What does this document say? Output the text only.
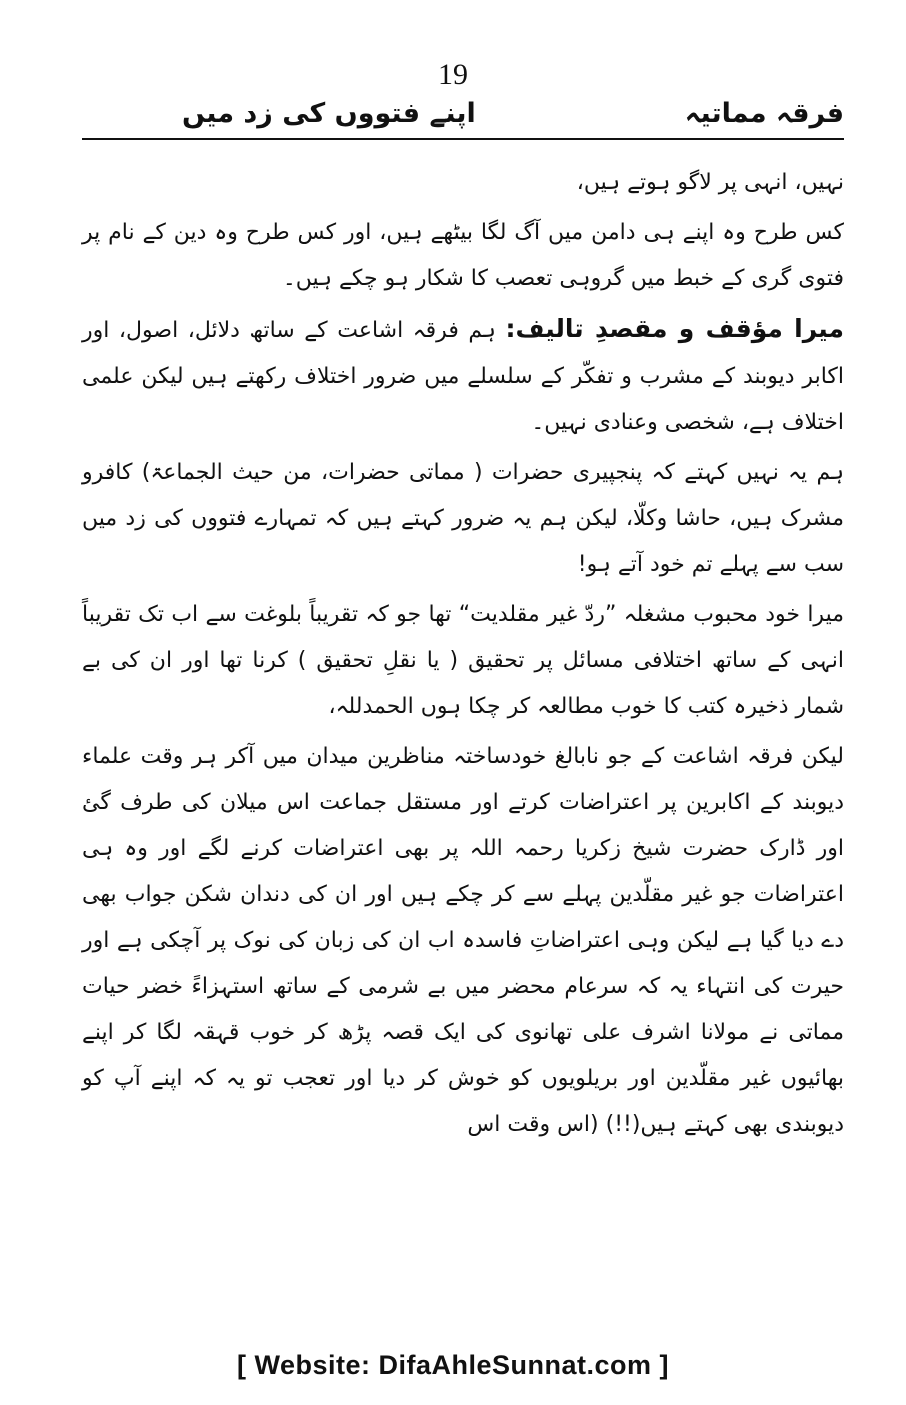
19
فرقہ مماتیہ
اپنے فتووں کی زد میں

نہیں، انہی پر لاگو ہوتے ہیں،

کس طرح وہ اپنے ہی دامن میں آگ لگا بیٹھے ہیں، اور کس طرح وہ دین کے نام پر فتوی گری کے خبط میں گروہی تعصب کا شکار ہو چکے ہیں۔

میرا مؤقف و مقصدِ تالیف: ہم فرقہ اشاعت کے ساتھ دلائل، اصول، اور اکابر دیوبند کے مشرب و تفکّر کے سلسلے میں ضرور اختلاف رکھتے ہیں لیکن علمی اختلاف ہے، شخصی وعنادی نہیں۔

ہم یہ نہیں کہتے کہ پنجپیری حضرات ( مماتی حضرات، من حیث الجماعۃ) کافرو مشرک ہیں، حاشا وکلّا، لیکن ہم یہ ضرور کہتے ہیں کہ تمہارے فتووں کی زد میں سب سے پہلے تم خود آتے ہو!

میرا خود محبوب مشغلہ ”ردّ غیر مقلدیت“ تھا جو کہ تقریباً بلوغت سے اب تک تقریباً انہی کے ساتھ اختلافی مسائل پر تحقیق ( یا نقلِ تحقیق ) کرنا تھا اور ان کی بے شمار ذخیرہ کتب کا خوب مطالعہ کر چکا ہوں الحمدللہ،

لیکن فرقہ اشاعت کے جو نابالغ خودساختہ مناظرین میدان میں آکر ہر وقت علماء دیوبند کے اکابرین پر اعتراضات کرتے اور مستقل جماعت اس میلان کی طرف گئ اور ڈارک حضرت شیخ زکریا رحمہ اللہ پر بھی اعتراضات کرنے لگے اور وہ ہی اعتراضات جو غیر مقلّدین پہلے سے کر چکے ہیں اور ان کی دندان شکن جواب بھی دے دیا گیا ہے لیکن وہی اعتراضاتِ فاسدہ اب ان کی زبان کی نوک پر آچکی ہے اور حیرت کی انتہاء یہ کہ سرعام محضر میں بے شرمی کے ساتھ استہزاءً خضر حیات مماتی نے مولانا اشرف علی تھانوی کی ایک قصہ پڑھ کر خوب قہقہ لگا کر اپنے بھائیوں غیر مقلّدین اور بریلویوں کو خوش کر دیا اور تعجب تو یہ کہ اپنے آپ کو دیوبندی بھی کہتے ہیں(!!) (اس وقت اس

[ Website: DifaAhleSunnat.com ]
